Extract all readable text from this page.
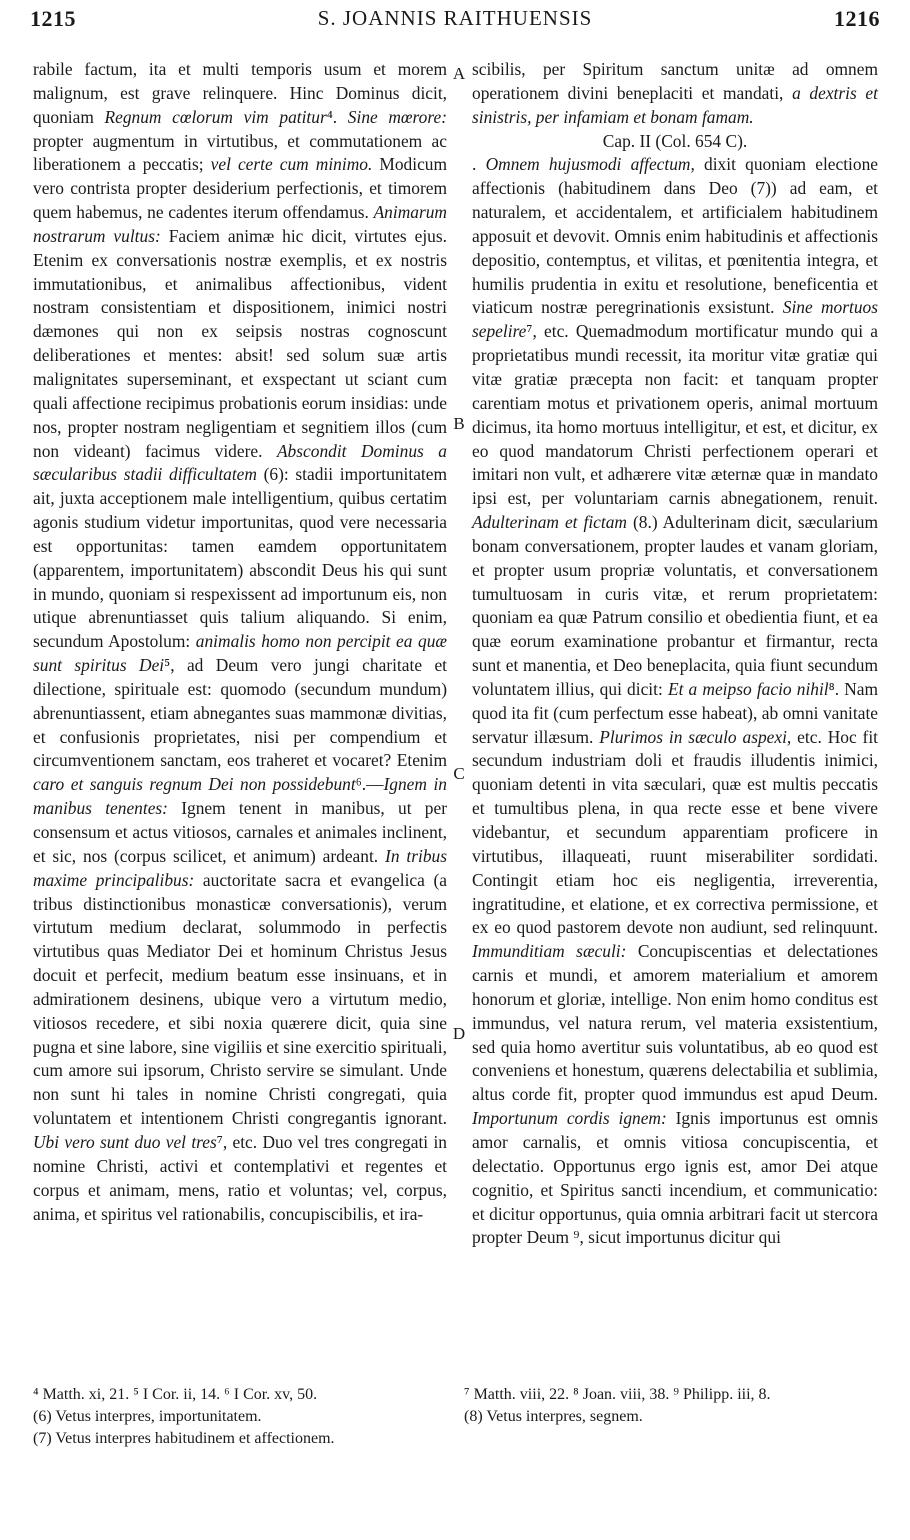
1215	S. JOANNIS RAITHUENSIS	1216

rabile factum, ita et multi temporis usum et morem malignum, est grave relinquere. Hinc Dominus dicit, quoniam Regnum cœlorum vim patitur⁴. Sine mœrore: propter augmentum in virtutibus, et commutationem ac liberationem a peccatis; vel certe cum minimo. Modicum vero contrista propter desiderium perfectionis, et timorem quem habemus, ne cadentes iterum offendamus. Animarum nostrarum vultus: Faciem animæ hic dicit, virtutes ejus. Etenim ex conversationis nostræ exemplis, et ex nostris immutationibus, et animalibus affectionibus, vident nostram consistentiam et dispositionem, inimici nostri dæmones qui non ex seipsis nostras cognoscunt deliberationes et mentes: absit! sed solum suæ artis malignitates superseminant, et exspectant ut sciant cum quali affectione recipimus probationis eorum insidias: unde nos, propter nostram negligentiam et segnitiem illos (cum non videant) facimus videre. Abscondit Dominus a sæcularibus stadii difficultatem (6): stadii importunitatem ait, juxta acceptionem male intelligentium, quibus certatim agonis studium videtur importunitas, quod vere necessaria est opportunitas: tamen eamdem opportunitatem (apparentem, importunitatem) abscondit Deus his qui sunt in mundo, quoniam si respexissent ad importunum eis, non utique abrenuntiasset quis talium aliquando. Si enim, secundum Apostolum: animalis homo non percipit ea quæ sunt spiritus Dei⁵, ad Deum vero jungi charitate et dilectione, spirituale est: quomodo (secundum mundum) abrenuntiassent, etiam abnegantes suas mammonæ divitias, et confusionis proprietates, nisi per compendium et circumventionem sanctam, eos traheret et vocaret? Etenim caro et sanguis regnum Dei non possidebunt⁶.—Ignem in manibus tenentes: Ignem tenent in manibus, ut per consensum et actus vitiosos, carnales et animales inclinent, et sic, nos (corpus scilicet, et animum) ardeant. In tribus maxime principalibus: auctoritate sacra et evangelica (a tribus distinctionibus monasticæ conversationis), verum virtutum medium declarat, solummodo in perfectis virtutibus quas Mediator Dei et hominum Christus Jesus docuit et perfecit, medium beatum esse insinuans, et in admirationem desinens, ubique vero a virtutum medio, vitiosos recedere, et sibi noxia quærere dicit, quia sine pugna et sine labore, sine vigiliis et sine exercitio spirituali, cum amore sui ipsorum, Christo servire se simulant. Unde non sunt hi tales in nomine Christi congregati, quia voluntatem et intentionem Christi congregantis ignorant. Ubi vero sunt duo vel tres⁷, etc. Duo vel tres congregati in nomine Christi, activi et contemplativi et regentes et corpus et animam, mens, ratio et voluntas; vel, corpus, anima, et spiritus vel rationabilis, concupiscibilis, et ira-

A
B
C
D

scibilis, per Spiritum sanctum unitæ ad omnem operationem divini beneplaciti et mandati, a dextris et sinistris, per infamiam et bonam famam.

Cap. II (Col. 654 C).

. Omnem hujusmodi affectum, dixit quoniam electione affectionis (habitudinem dans Deo (7)) ad eam, et naturalem, et accidentalem, et artificialem habitudinem apposuit et devovit. Omnis enim habitudinis et affectionis depositio, contemptus, et vilitas, et pœnitentia integra, et humilis prudentia in exitu et resolutione, beneficentia et viaticum nostræ peregrinationis exsistunt. Sine mortuos sepelire⁷, etc. Quemadmodum mortificatur mundo qui a proprietatibus mundi recessit, ita moritur vitæ gratiæ qui vitæ gratiæ præcepta non facit: et tanquam propter carentiam motus et privationem operis, animal mortuum dicimus, ita homo mortuus intelligitur, et est, et dicitur, ex eo quod mandatorum Christi perfectionem operari et imitari non vult, et adhærere vitæ æternæ quæ in mandato ipsi est, per voluntariam carnis abnegationem, renuit. Adulterinam et fictam (8.) Adulterinam dicit, sæcularium bonam conversationem, propter laudes et vanam gloriam, et propter usum propriæ voluntatis, et conversationem tumultuosam in curis vitæ, et rerum proprietatem: quoniam ea quæ Patrum consilio et obedientia fiunt, et ea quæ eorum examinatione probantur et firmantur, recta sunt et manentia, et Deo beneplacita, quia fiunt secundum voluntatem illius, qui dicit: Et a meipso facio nihil⁸. Nam quod ita fit (cum perfectum esse habeat), ab omni vanitate servatur illæsum. Plurimos in sæculo aspexi, etc. Hoc fit secundum industriam doli et fraudis illudentis inimici, quoniam detenti in vita sæculari, quæ est multis peccatis et tumultibus plena, in qua recte esse et bene vivere videbantur, et secundum apparentiam proficere in virtutibus, illaqueati, ruunt miserabiliter sordidati. Contingit etiam hoc eis negligentia, irreverentia, ingratitudine, et elatione, et ex correctiva permissione, et ex eo quod pastorem devote non audiunt, sed relinquunt. Immunditiam sæculi: Concupiscentias et delectationes carnis et mundi, et amorem materialium et amorem honorum et gloriæ, intellige. Non enim homo conditus est immundus, vel natura rerum, vel materia exsistentium, sed quia homo avertitur suis voluntatibus, ab eo quod est conveniens et honestum, quærens delectabilia et sublimia, altus corde fit, propter quod immundus est apud Deum. Importunum cordis ignem: Ignis importunus est omnis amor carnalis, et omnis vitiosa concupiscentia, et delectatio. Opportunus ergo ignis est, amor Dei atque cognitio, et Spiritus sancti incendium, et communicatio: et dicitur opportunus, quia omnia arbitrari facit ut stercora propter Deum ⁹, sicut importunus dicitur qui

⁴ Matth. xi, 21. ⁵ I Cor. ii, 14. ⁶ I Cor. xv, 50.
(6) Vetus interpres, importunitatem.
(7) Vetus interpres habitudinem et affectionem.
⁷ Matth. viii, 22. ⁸ Joan. viii, 38. ⁹ Philipp. iii, 8.
(8) Vetus interpres, segnem.
